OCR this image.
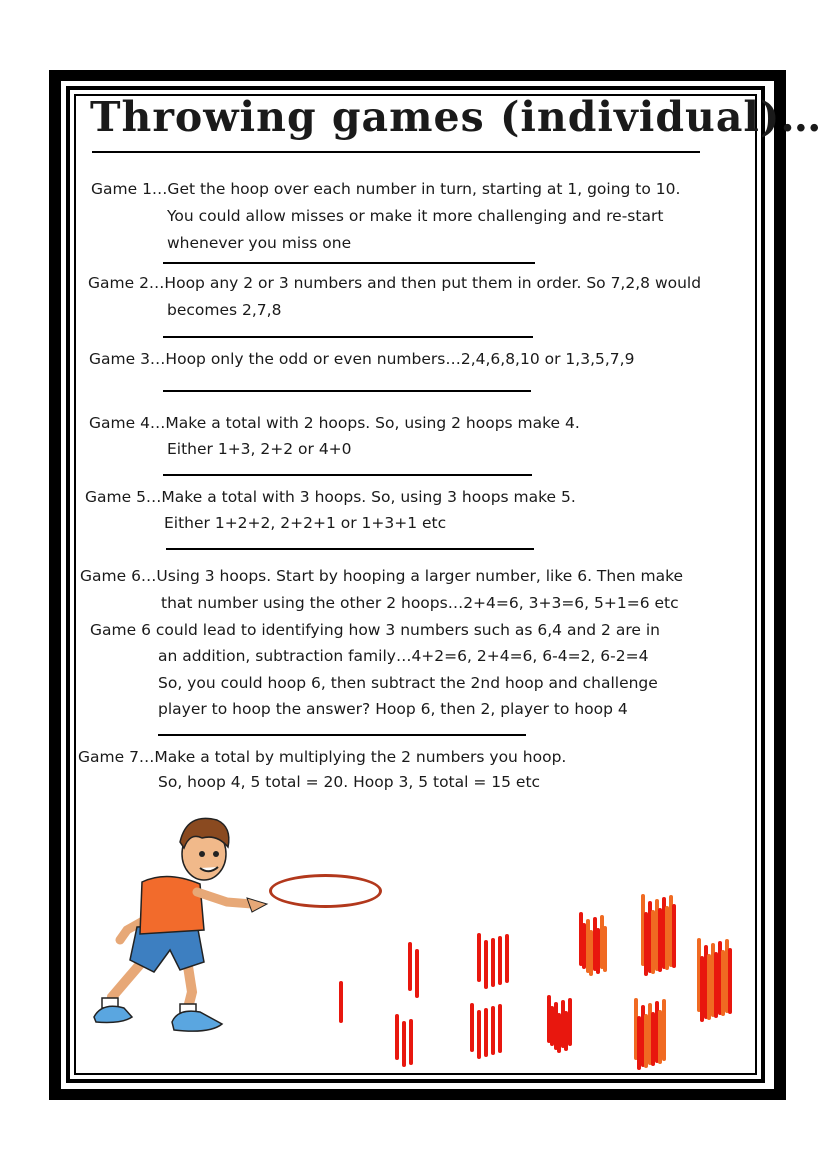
Throwing games (individual)…
Game 1…Get the hoop over each number in turn, starting at 1, going to 10.
You could allow misses or make it more challenging and re-start
whenever you miss one
Game 2…Hoop any 2 or 3 numbers and then put them in order. So 7,2,8 would
becomes 2,7,8
Game 3…Hoop only the odd or even numbers…2,4,6,8,10 or 1,3,5,7,9
Game 4…Make a total with 2 hoops. So, using 2 hoops make 4.
Either 1+3, 2+2 or 4+0
Game 5…Make a total with 3 hoops. So, using 3 hoops make 5.
Either 1+2+2, 2+2+1 or 1+3+1 etc
Game 6…Using 3 hoops. Start by hooping a larger number, like 6. Then make
that number using the other 2 hoops…2+4=6, 3+3=6, 5+1=6 etc
Game 6 could lead to identifying how 3 numbers such as 6,4 and 2 are in
an addition, subtraction family…4+2=6, 2+4=6, 6-4=2, 6-2=4
So, you could hoop 6, then subtract the 2nd hoop and challenge
player to hoop the answer? Hoop 6, then 2, player to hoop 4
Game 7…Make a total by multiplying the 2 numbers you hoop.
So, hoop 4, 5 total = 20. Hoop 3, 5 total = 15 etc
